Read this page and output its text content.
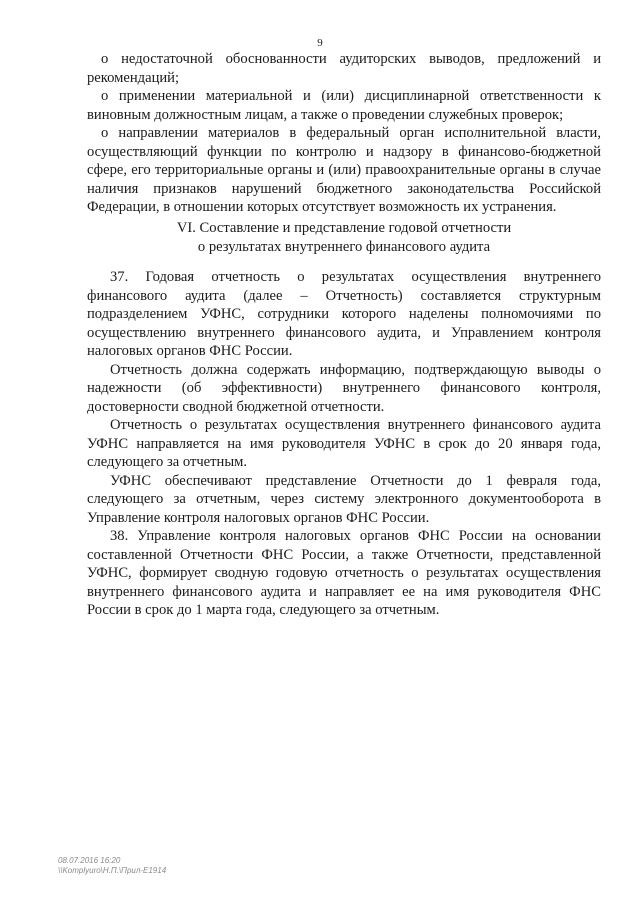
9

о недостаточной обоснованности аудиторских выводов, предложений и рекомендаций;

о применении материальной и (или) дисциплинарной ответственности к виновным должностным лицам, а также о проведении служебных проверок;

о направлении материалов в федеральный орган исполнительной власти, осуществляющий функции по контролю и надзору в финансово-бюджетной сфере, его территориальные органы и (или) правоохранительные органы в случае наличия признаков нарушений бюджетного законодательства Российской Федерации, в отношении которых отсутствует возможность их устранения.

VI. Составление и представление годовой отчетности
о результатах внутреннего финансового аудита

37. Годовая отчетность о результатах осуществления внутреннего финансового аудита (далее – Отчетность) составляется структурным подразделением УФНС, сотрудники которого наделены полномочиями по осуществлению внутреннего финансового аудита, и Управлением контроля налоговых органов ФНС России.

Отчетность должна содержать информацию, подтверждающую выводы о надежности (об эффективности) внутреннего финансового контроля, достоверности сводной бюджетной отчетности.

Отчетность о результатах осуществления внутреннего финансового аудита УФНС направляется на имя руководителя УФНС в срок до 20 января года, следующего за отчетным.

УФНС обеспечивают представление Отчетности до 1 февраля года, следующего за отчетным, через систему электронного документооборота в Управление контроля налоговых органов ФНС России.

38. Управление контроля налоговых органов ФНС России на основании составленной Отчетности ФНС России, а также Отчетности, представленной УФНС, формирует сводную годовую отчетность о результатах осуществления внутреннего финансового аудита и направляет ее на имя руководителя ФНС России в срок до 1 марта года, следующего за отчетным.

08.07.2016 16:20
\\Komplyuro\Н.П.\Прил-Е1914
